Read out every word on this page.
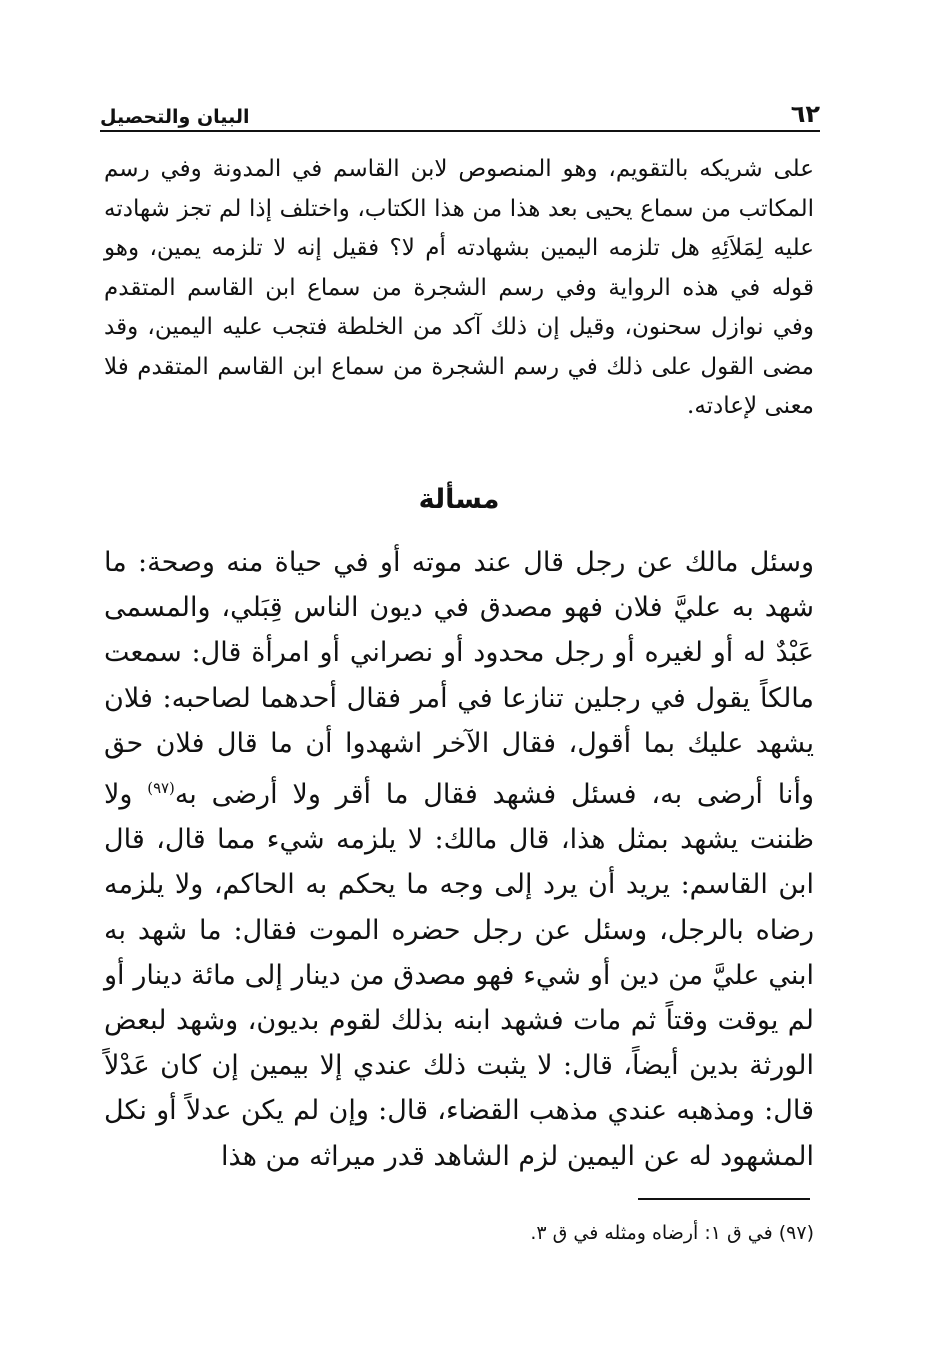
٦٢
البيان والتحصيل

على شريكه بالتقويم، وهو المنصوص لابن القاسم في المدونة وفي رسم المكاتب من سماع يحيى بعد هذا من هذا الكتاب، واختلف إذا لم تجز شهادته عليه لِمَلاَئِهِ هل تلزمه اليمين بشهادته أم لا؟ فقيل إنه لا تلزمه يمين، وهو قوله في هذه الرواية وفي رسم الشجرة من سماع ابن القاسم المتقدم وفي نوازل سحنون، وقيل إن ذلك آكد من الخلطة فتجب عليه اليمين، وقد مضى القول على ذلك في رسم الشجرة من سماع ابن القاسم المتقدم فلا معنى لإعادته.

مسألة

وسئل مالك عن رجل قال عند موته أو في حياة منه وصحة: ما شهد به عليَّ فلان فهو مصدق في ديون الناس قِبَلي، والمسمى عَبْدٌ له أو لغيره أو رجل محدود أو نصراني أو امرأة قال: سمعت مالكاً يقول في رجلين تنازعا في أمر فقال أحدهما لصاحبه: فلان يشهد عليك بما أقول، فقال الآخر اشهدوا أن ما قال فلان حق وأنا أرضى به، فسئل فشهد فقال ما أقر ولا أرضى به$^{(٩٧)}$ ولا ظننت يشهد بمثل هذا، قال مالك: لا يلزمه شيء مما قال، قال ابن القاسم: يريد أن يرد إلى وجه ما يحكم به الحاكم، ولا يلزمه رضاه بالرجل، وسئل عن رجل حضره الموت فقال: ما شهد به ابني عليَّ من دين أو شيء فهو مصدق من دينار إلى مائة دينار أو لم يوقت وقتاً ثم مات فشهد ابنه بذلك لقوم بديون، وشهد لبعض الورثة بدين أيضاً، قال: لا يثبت ذلك عندي إلا بيمين إن كان عَدْلاً قال: ومذهبه عندي مذهب القضاء، قال: وإن لم يكن عدلاً أو نكل المشهود له عن اليمين لزم الشاهد قدر ميراثه من هذا

(٩٧) في ق ١: أرضاه ومثله في ق ٣.
